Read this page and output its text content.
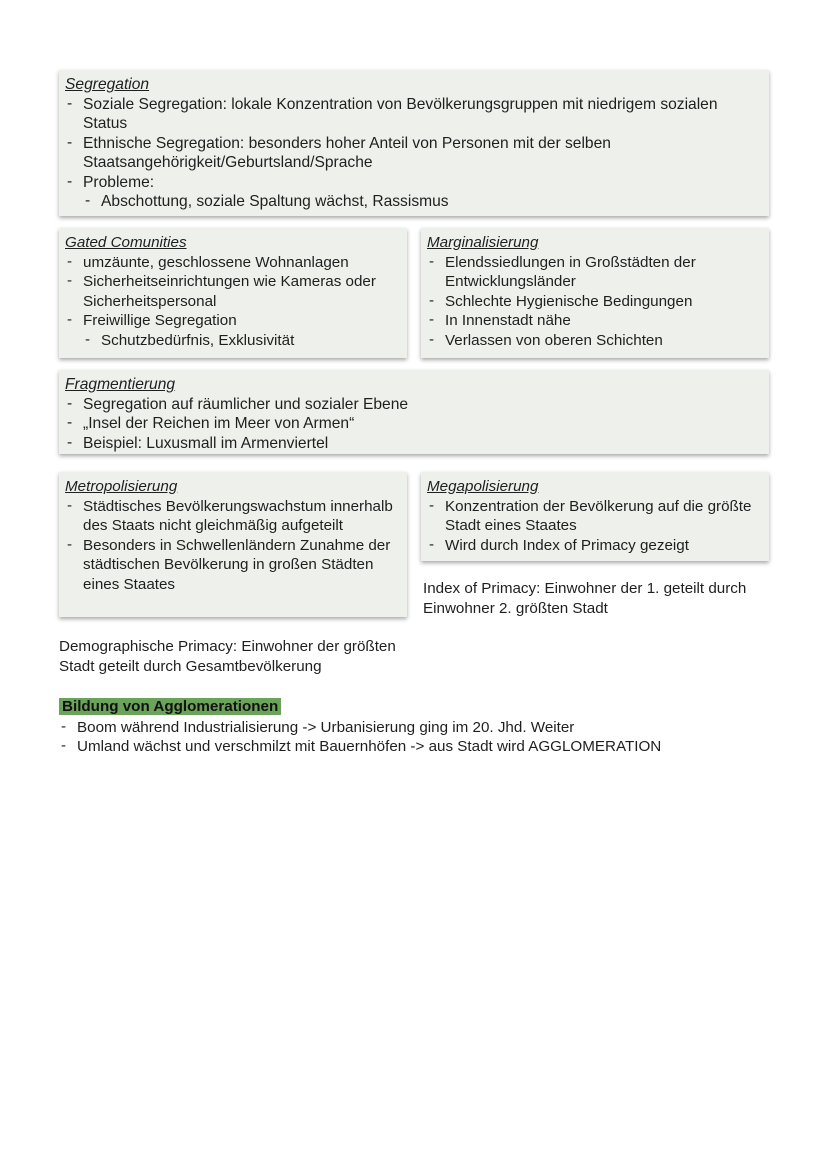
Segregation
- Soziale Segregation: lokale Konzentration von Bevölkerungsgruppen mit niedrigem sozialen Status
- Ethnische Segregation: besonders hoher Anteil von Personen mit der selben Staatsangehörigkeit/Geburtsland/Sprache
- Probleme:
- Abschottung, soziale Spaltung wächst, Rassismus
Gated Comunities
- umzäunte, geschlossene Wohnanlagen
- Sicherheitseinrichtungen wie Kameras oder Sicherheitspersonal
- Freiwillige Segregation
- Schutzbedürfnis, Exklusivität
Marginalisierung
- Elendssiedlungen in Großstädten der Entwicklungsländer
- Schlechte Hygienische Bedingungen
- In Innenstadt nähe
- Verlassen von oberen Schichten
Fragmentierung
- Segregation auf räumlicher und sozialer Ebene
- „Insel der Reichen im Meer von Armen“
- Beispiel: Luxusmall im Armenviertel
Metropolisierung
- Städtisches Bevölkerungswachstum innerhalb des Staats nicht gleichmäßig aufgeteilt
- Besonders in Schwellenländern Zunahme der städtischen Bevölkerung in großen Städten eines Staates
Megapolisierung
- Konzentration der Bevölkerung auf die größte Stadt eines Staates
- Wird durch Index of Primacy gezeigt
Index of Primacy: Einwohner der 1. geteilt durch Einwohner 2. größten Stadt
Demographische Primacy: Einwohner der größten Stadt geteilt durch Gesamtbevölkerung
Bildung von Agglomerationen
- Boom während Industrialisierung -> Urbanisierung ging im 20. Jhd. Weiter
- Umland wächst und verschmilzt mit Bauernhöfen -> aus Stadt wird AGGLOMERATION
